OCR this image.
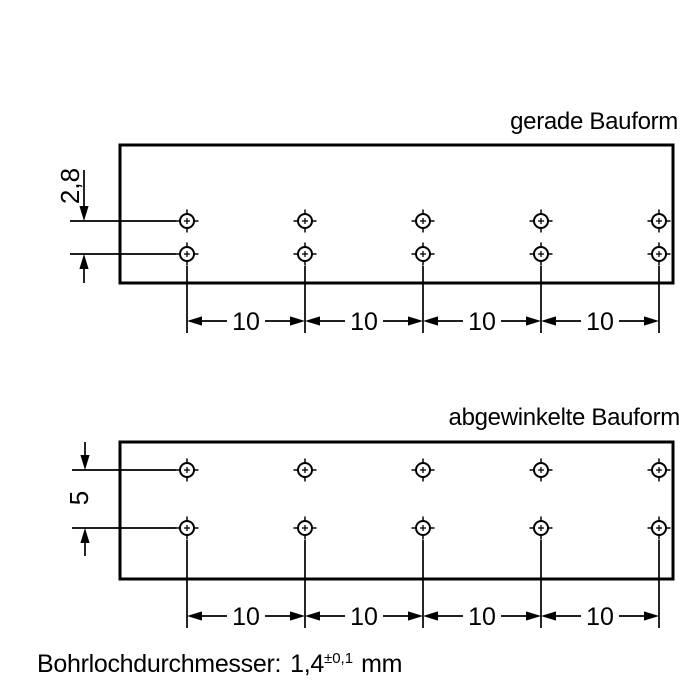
gerade Bauform
abgewinkelte Bauform
2,8
10	10	10	10
5
10	10	10	10
Bohrlochdurchmesser: $1,4^{\pm 0,1}$ mm
